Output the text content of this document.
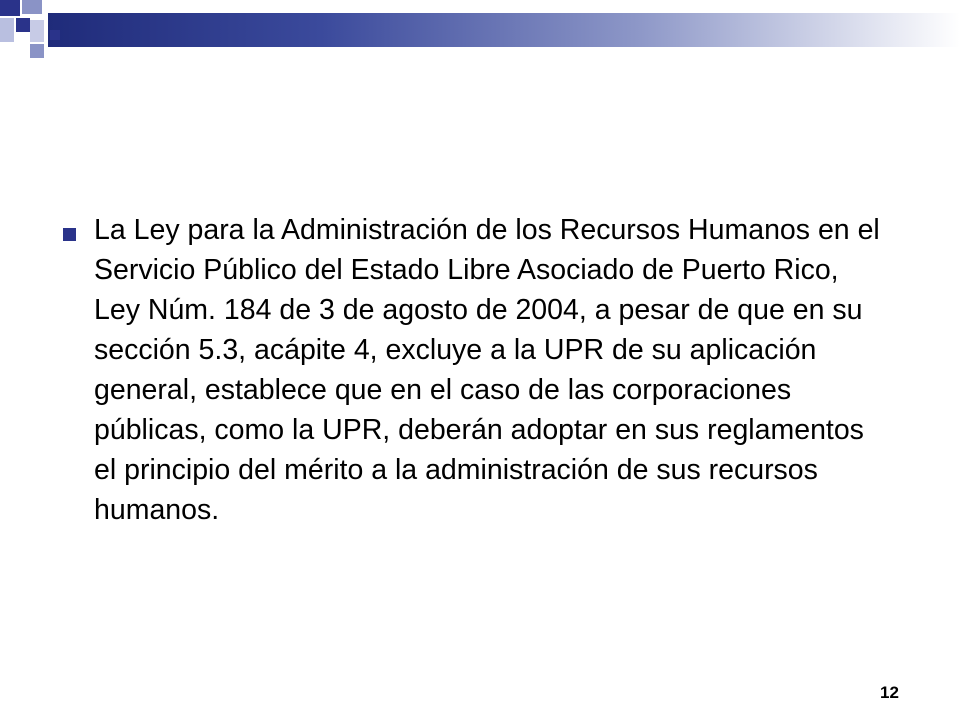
La Ley para la Administración de los Recursos Humanos en el Servicio Público del Estado Libre Asociado de Puerto Rico, Ley Núm. 184 de 3 de agosto de 2004, a pesar de que en su sección 5.3, acápite 4, excluye a la UPR de su aplicación general, establece que en el caso de las corporaciones públicas, como la UPR, deberán adoptar en sus reglamentos el principio del mérito a la administración de sus recursos humanos.
12
